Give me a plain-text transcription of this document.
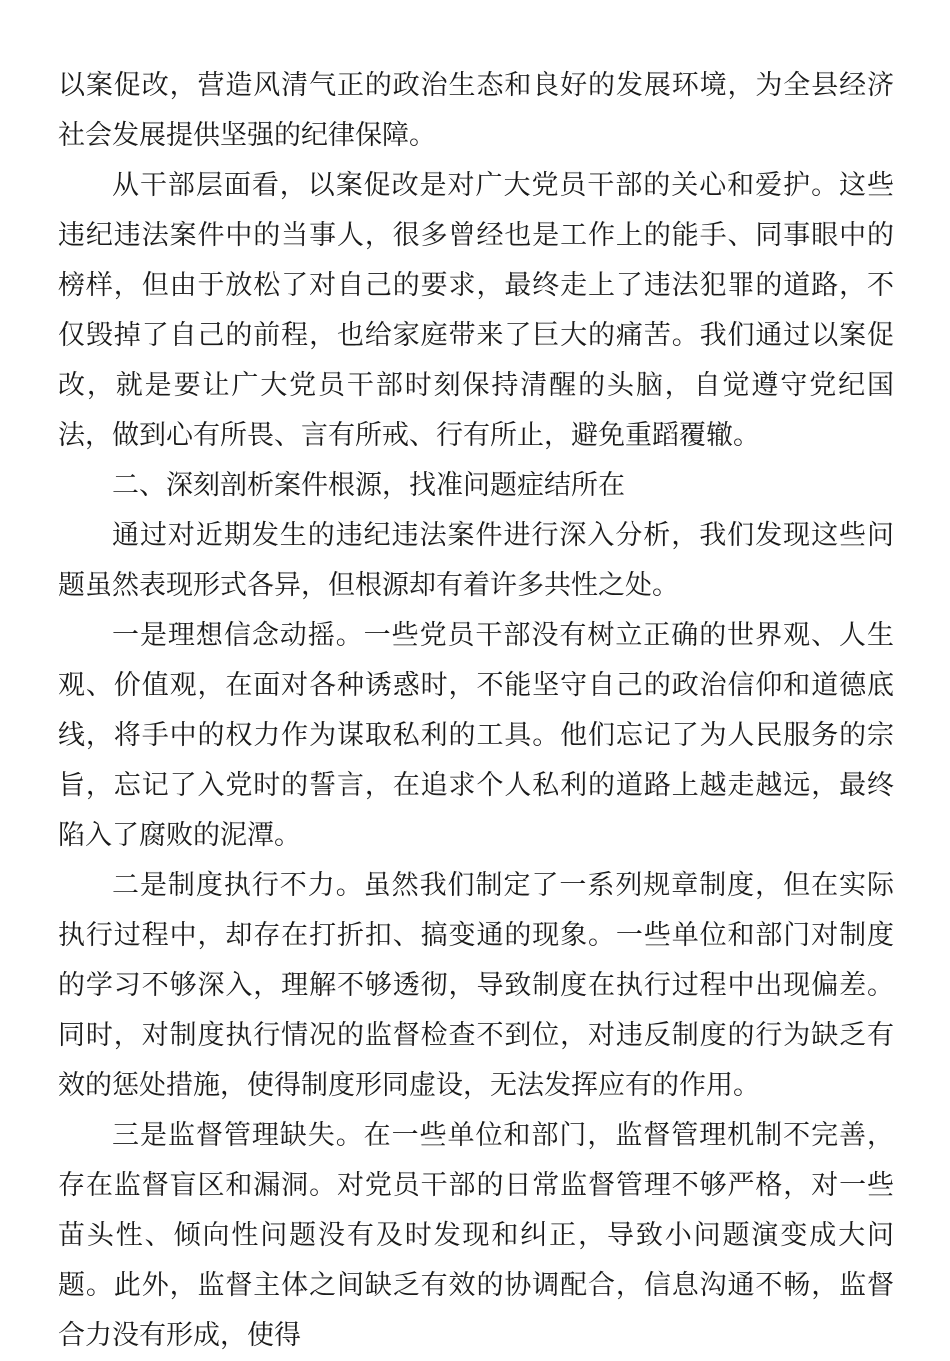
以案促改，营造风清气正的政治生态和良好的发展环境，为全县经济社会发展提供坚强的纪律保障。

从干部层面看，以案促改是对广大党员干部的关心和爱护。这些违纪违法案件中的当事人，很多曾经也是工作上的能手、同事眼中的榜样，但由于放松了对自己的要求，最终走上了违法犯罪的道路，不仅毁掉了自己的前程，也给家庭带来了巨大的痛苦。我们通过以案促改，就是要让广大党员干部时刻保持清醒的头脑，自觉遵守党纪国法，做到心有所畏、言有所戒、行有所止，避免重蹈覆辙。

二、深刻剖析案件根源，找准问题症结所在

通过对近期发生的违纪违法案件进行深入分析，我们发现这些问题虽然表现形式各异，但根源却有着许多共性之处。

一是理想信念动摇。一些党员干部没有树立正确的世界观、人生观、价值观，在面对各种诱惑时，不能坚守自己的政治信仰和道德底线，将手中的权力作为谋取私利的工具。他们忘记了为人民服务的宗旨，忘记了入党时的誓言，在追求个人私利的道路上越走越远，最终陷入了腐败的泥潭。

二是制度执行不力。虽然我们制定了一系列规章制度，但在实际执行过程中，却存在打折扣、搞变通的现象。一些单位和部门对制度的学习不够深入，理解不够透彻，导致制度在执行过程中出现偏差。同时，对制度执行情况的监督检查不到位，对违反制度的行为缺乏有效的惩处措施，使得制度形同虚设，无法发挥应有的作用。

三是监督管理缺失。在一些单位和部门，监督管理机制不完善，存在监督盲区和漏洞。对党员干部的日常监督管理不够严格，对一些苗头性、倾向性问题没有及时发现和纠正，导致小问题演变成大问题。此外，监督主体之间缺乏有效的协调配合，信息沟通不畅，监督合力没有形成，使得
